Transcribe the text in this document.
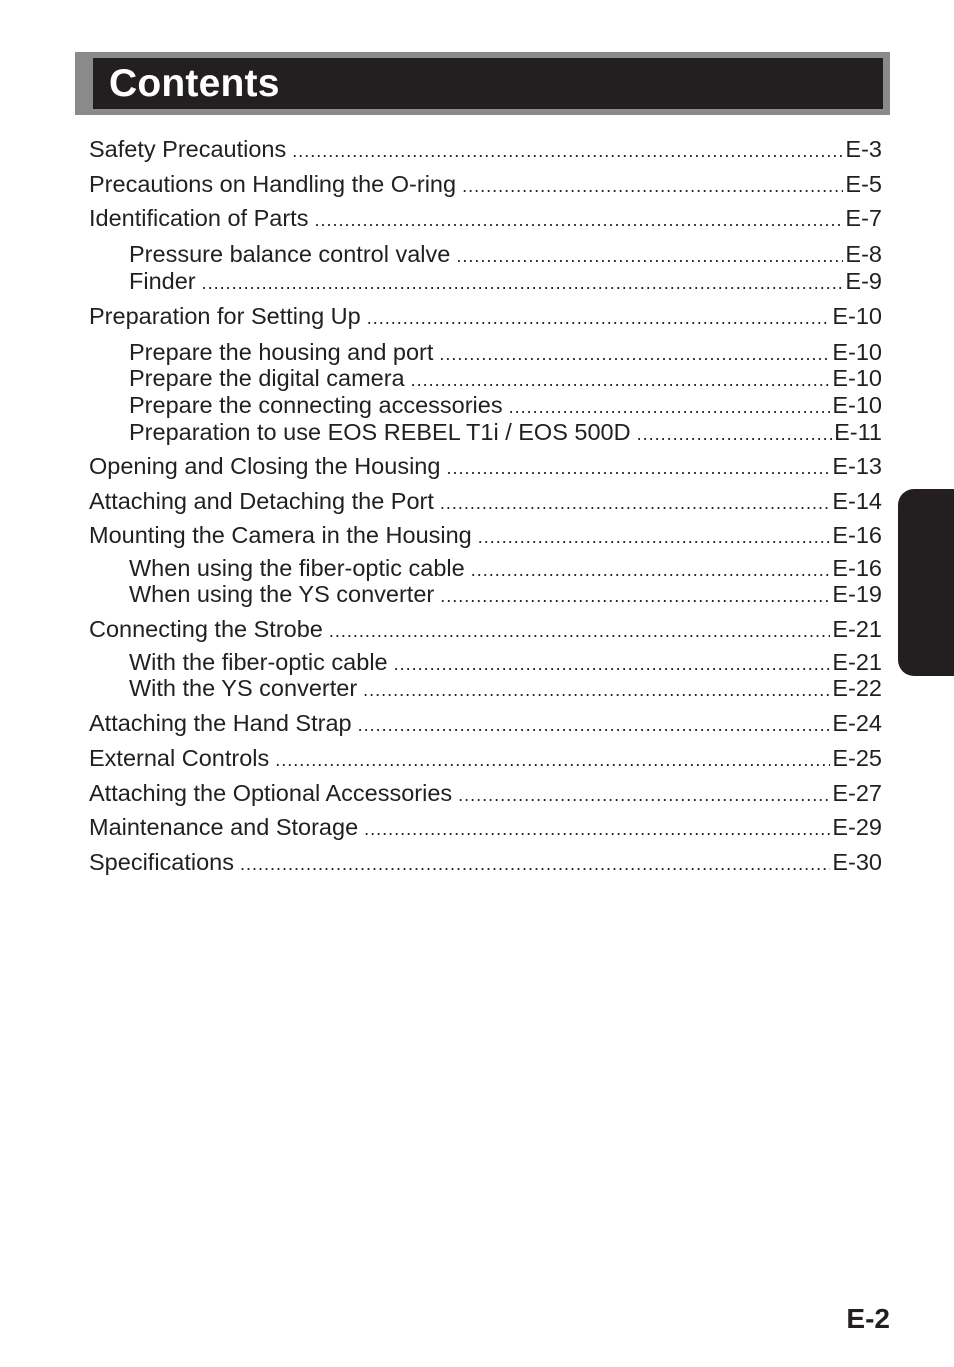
Contents
Safety Precautions .....	E-3
Precautions on Handling the O-ring .....	E-5
Identification of Parts .....	E-7
Pressure balance control valve .....	E-8
Finder .....	E-9
Preparation for Setting Up .....	E-10
Prepare the housing and port .....	E-10
Prepare the digital camera .....	E-10
Prepare the connecting accessories .....	E-10
Preparation to use EOS REBEL T1i / EOS 500D .....	E-11
Opening and Closing the Housing .....	E-13
Attaching and Detaching the Port .....	E-14
Mounting the Camera in the Housing .....	E-16
When using the fiber-optic cable .....	E-16
When using the YS converter .....	E-19
Connecting the Strobe .....	E-21
With the fiber-optic cable .....	E-21
With the YS converter .....	E-22
Attaching the Hand Strap .....	E-24
External Controls .....	E-25
Attaching the Optional Accessories .....	E-27
Maintenance and Storage .....	E-29
Specifications .....	E-30
E-2
